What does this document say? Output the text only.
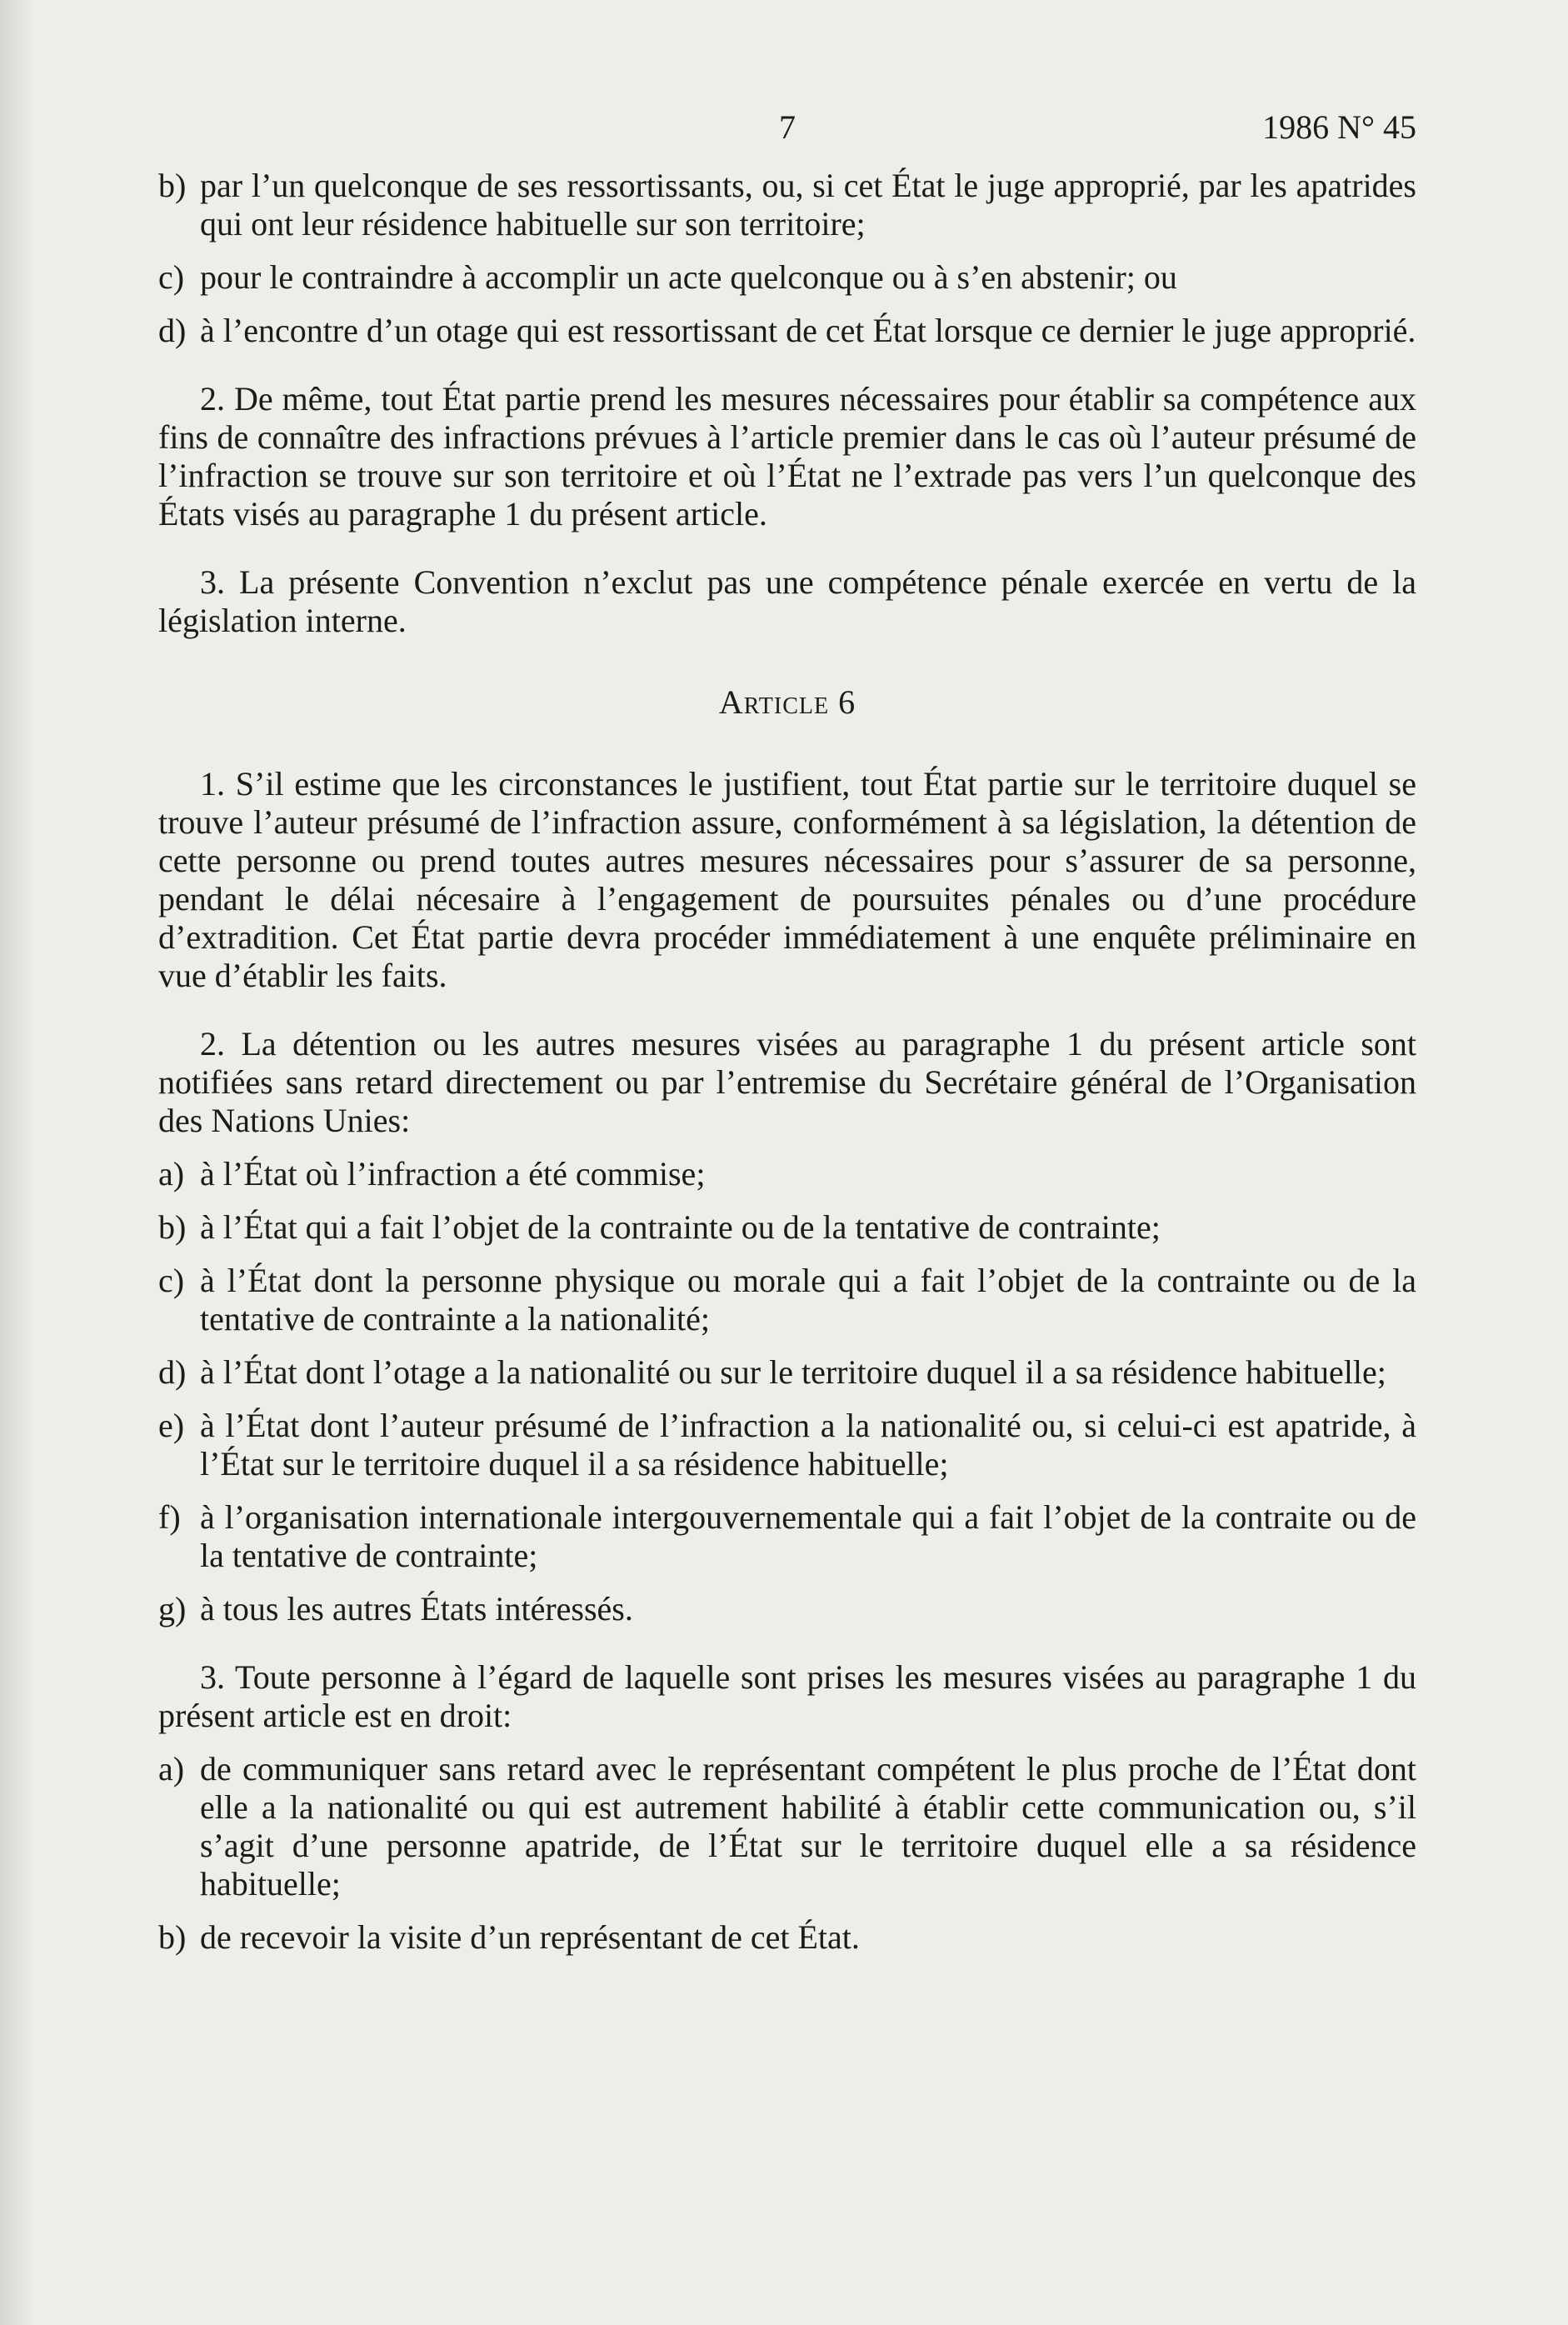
7	1986 N° 45
b) par l’un quelconque de ses ressortissants, ou, si cet État le juge approprié, par les apatrides qui ont leur résidence habituelle sur son territoire;
c) pour le contraindre à accomplir un acte quelconque ou à s’en abstenir; ou
d) à l’encontre d’un otage qui est ressortissant de cet État lorsque ce dernier le juge approprié.

2. De même, tout État partie prend les mesures nécessaires pour établir sa compétence aux fins de connaître des infractions prévues à l’article premier dans le cas où l’auteur présumé de l’infraction se trouve sur son territoire et où l’État ne l’extrade pas vers l’un quelconque des États visés au paragraphe 1 du présent article.

3. La présente Convention n’exclut pas une compétence pénale exercée en vertu de la législation interne.

Article 6

1. S’il estime que les circonstances le justifient, tout État partie sur le territoire duquel se trouve l’auteur présumé de l’infraction assure, conformément à sa législation, la détention de cette personne ou prend toutes autres mesures nécessaires pour s’assurer de sa personne, pendant le délai nécesaire à l’engagement de poursuites pénales ou d’une procédure d’extradition. Cet État partie devra procéder immédiatement à une enquête préliminaire en vue d’établir les faits.

2. La détention ou les autres mesures visées au paragraphe 1 du présent article sont notifiées sans retard directement ou par l’entremise du Secrétaire général de l’Organisation des Nations Unies:

a) à l’État où l’infraction a été commise;
b) à l’État qui a fait l’objet de la contrainte ou de la tentative de contrainte;
c) à l’État dont la personne physique ou morale qui a fait l’objet de la contrainte ou de la tentative de contrainte a la nationalité;
d) à l’État dont l’otage a la nationalité ou sur le territoire duquel il a sa résidence habituelle;
e) à l’État dont l’auteur présumé de l’infraction a la nationalité ou, si celui-ci est apatride, à l’État sur le territoire duquel il a sa résidence habituelle;
f) à l’organisation internationale intergouvernementale qui a fait l’objet de la contraite ou de la tentative de contrainte;
g) à tous les autres États intéressés.

3. Toute personne à l’égard de laquelle sont prises les mesures visées au paragraphe 1 du présent article est en droit:

a) de communiquer sans retard avec le représentant compétent le plus proche de l’État dont elle a la nationalité ou qui est autrement habilité à établir cette communication ou, s’il s’agit d’une personne apatride, de l’État sur le territoire duquel elle a sa résidence habituelle;
b) de recevoir la visite d’un représentant de cet État.
